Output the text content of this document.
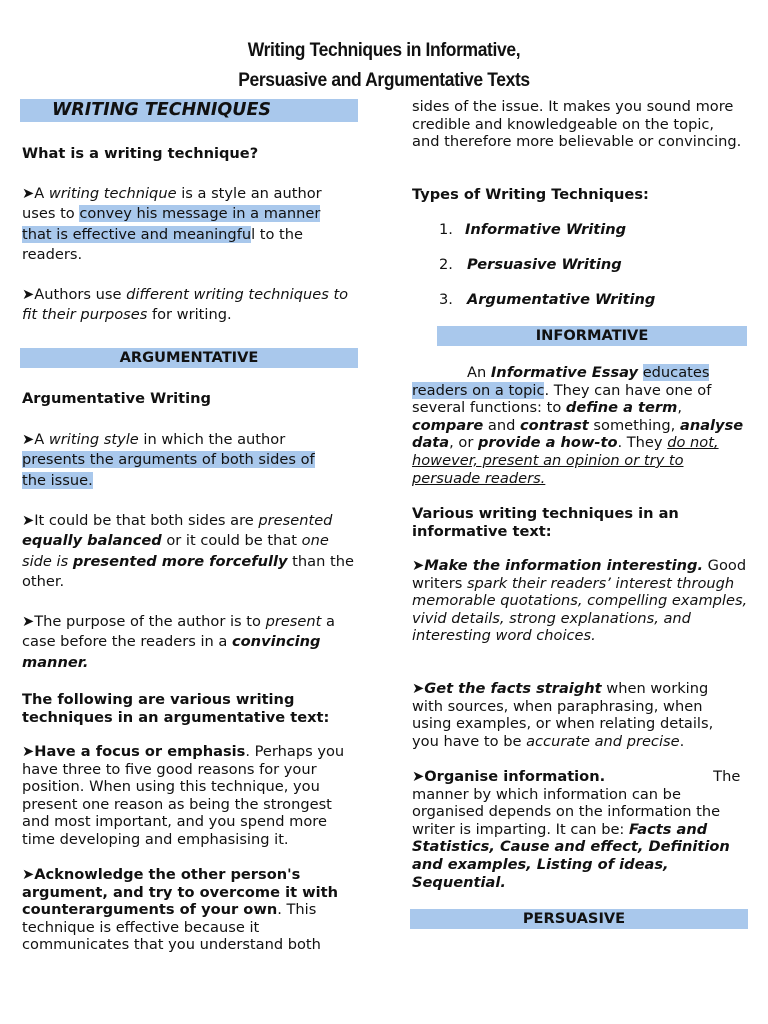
Writing Techniques in Informative,
Persuasive and Argumentative Texts
WRITING TECHNIQUES
What is a writing technique?

➤A writing technique is a style an author uses to convey his message in a manner that is effective and meaningful to the readers.

➤Authors use different writing techniques to fit their purposes for writing.

ARGUMENTATIVE
Argumentative Writing

➤A writing style in which the author presents the arguments of both sides of the issue.

➤It could be that both sides are presented equally balanced or it could be that one side is presented more forcefully than the other.

➤The purpose of the author is to present a case before the readers in a convincing manner.

The following are various writing techniques in an argumentative text:

➤Have a focus or emphasis. Perhaps you have three to five good reasons for your position. When using this technique, you present one reason as being the strongest and most important, and you spend more time developing and emphasising it.

➤Acknowledge the other person's argument, and try to overcome it with counterarguments of your own. This technique is effective because it communicates that you understand both

sides of the issue. It makes you sound more credible and knowledgeable on the topic, and therefore more believable or convincing.

Types of Writing Techniques:
1. Informative Writing
2. Persuasive Writing
3. Argumentative Writing
INFORMATIVE

An Informative Essay educates readers on a topic. They can have one of several functions: to define a term, compare and contrast something, analyse data, or provide a how-to. They do not, however, present an opinion or try to persuade readers.

Various writing techniques in an informative text:

➤Make the information interesting. Good writers spark their readers’ interest through memorable quotations, compelling examples, vivid details, strong explanations, and interesting word choices.

➤Get the facts straight when working with sources, when paraphrasing, when using examples, or when relating details, you have to be accurate and precise.

➤Organise information.	The manner by which information can be organised depends on the information the writer is imparting. It can be: Facts and Statistics, Cause and effect, Definition and examples, Listing of ideas, Sequential.

PERSUASIVE
